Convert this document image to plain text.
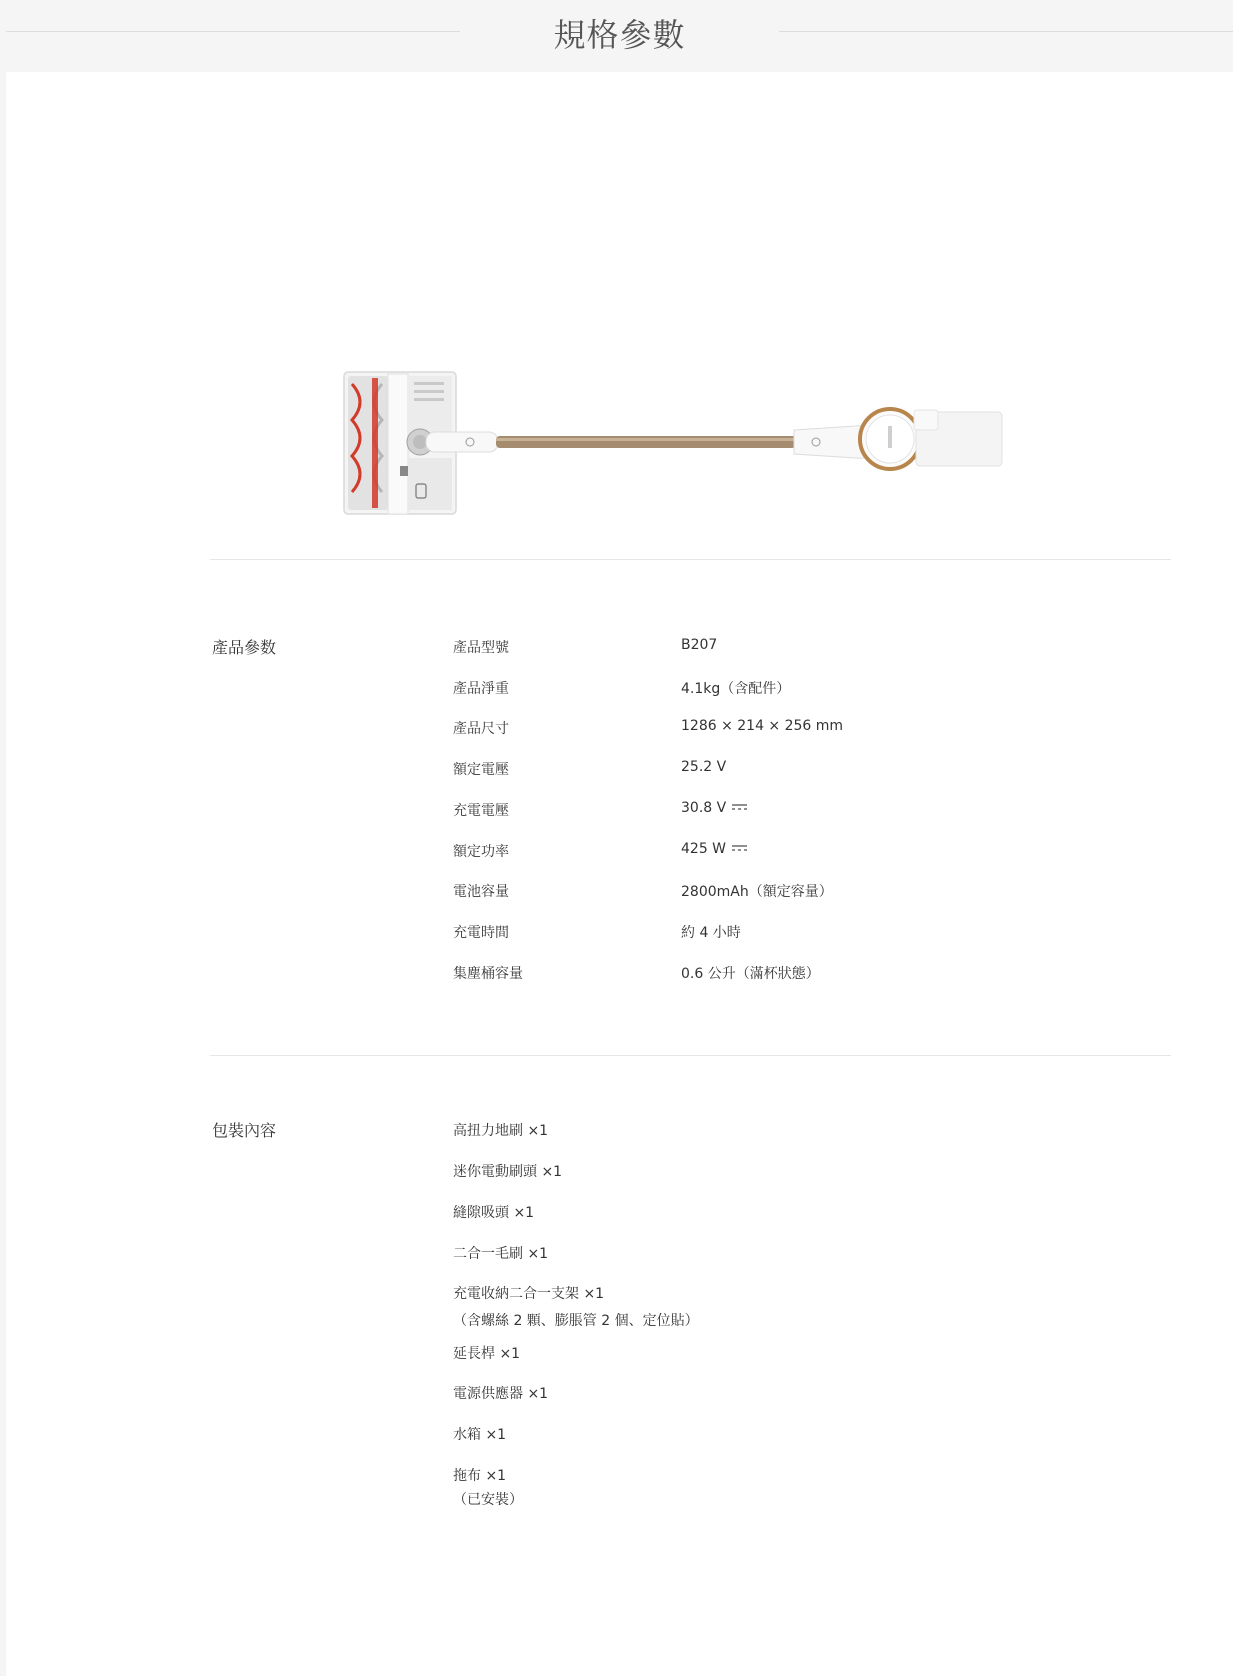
規格參數
產品參数	產品型號	B207
產品淨重	4.1kg（含配件）
產品尺寸	1286 × 214 × 256 mm
額定電壓	25.2 V
充電電壓	30.8 V
額定功率	425 W
電池容量	2800mAh（額定容量）
充電時間	約 4 小時
集塵桶容量	0.6 公升（滿杯狀態）
包裝內容	高扭力地刷 ×1
迷你電動刷頭 ×1
縫隙吸頭 ×1
二合一毛刷 ×1
充電收納二合一支架 ×1
（含螺絲 2 顆、膨脹管 2 個、定位貼）
延長桿 ×1
電源供應器 ×1
水箱 ×1
拖布 ×1
（已安裝）
